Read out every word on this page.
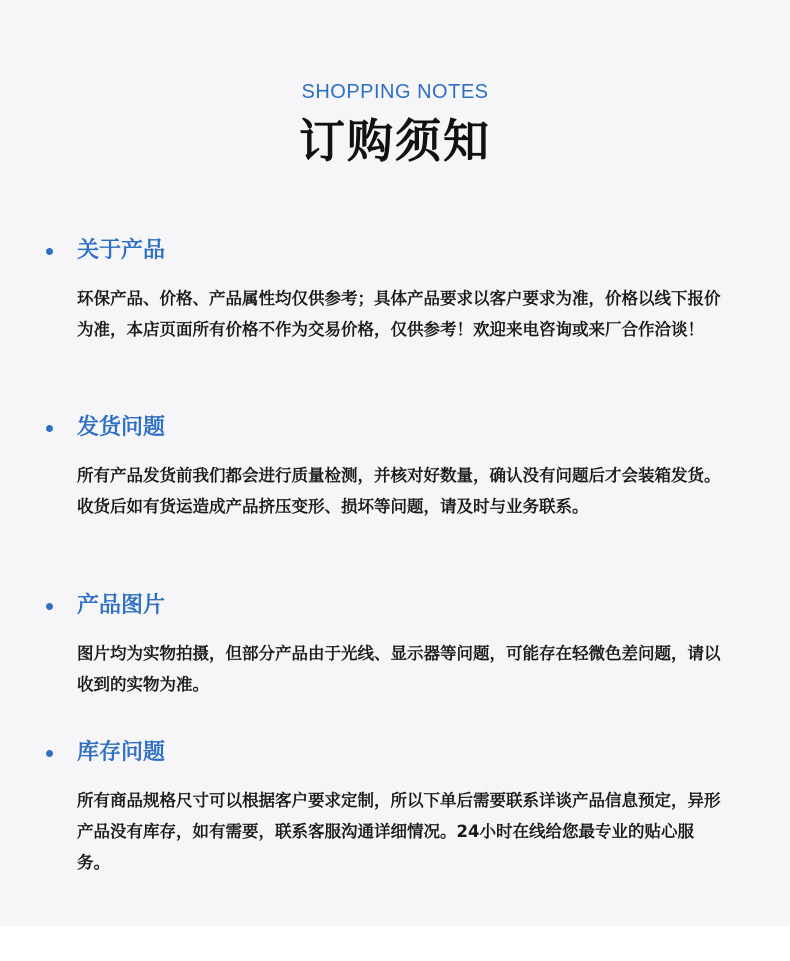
SHOPPING NOTES
订购须知
关于产品

环保产品、价格、产品属性均仅供参考；具体产品要求以客户要求为准，价格以线下报价为准，本店页面所有价格不作为交易价格，仅供参考！欢迎来电咨询或来厂合作洽谈！

发货问题

所有产品发货前我们都会进行质量检测，并核对好数量，确认没有问题后才会装箱发货。收货后如有货运造成产品挤压变形、损坏等问题，请及时与业务联系。

产品图片

图片均为实物拍摄，但部分产品由于光线、显示器等问题，可能存在轻微色差问题，请以收到的实物为准。

库存问题

所有商品规格尺寸可以根据客户要求定制，所以下单后需要联系详谈产品信息预定，异形产品没有库存，如有需要，联系客服沟通详细情况。24小时在线给您最专业的贴心服务。
